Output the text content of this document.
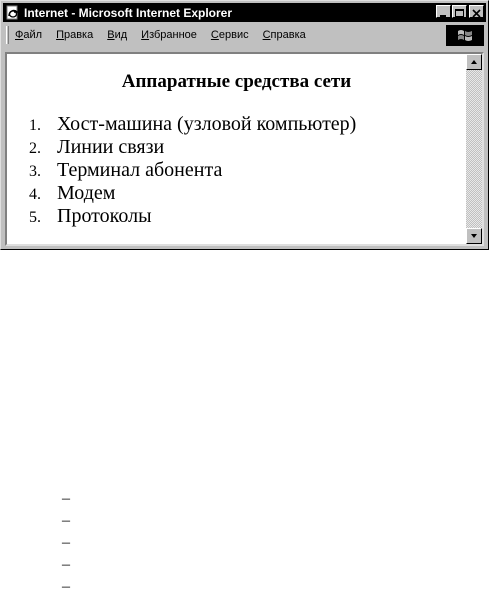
Internet - Microsoft Internet Explorer
Файл Правка Вид Избранное Сервис Справка
Аппаратные средства сети
1. Хост-машина (узловой компьютер)
2. Линии связи
3. Терминал абонента
4. Модем
5. Протоколы
–
–
–
–
–
